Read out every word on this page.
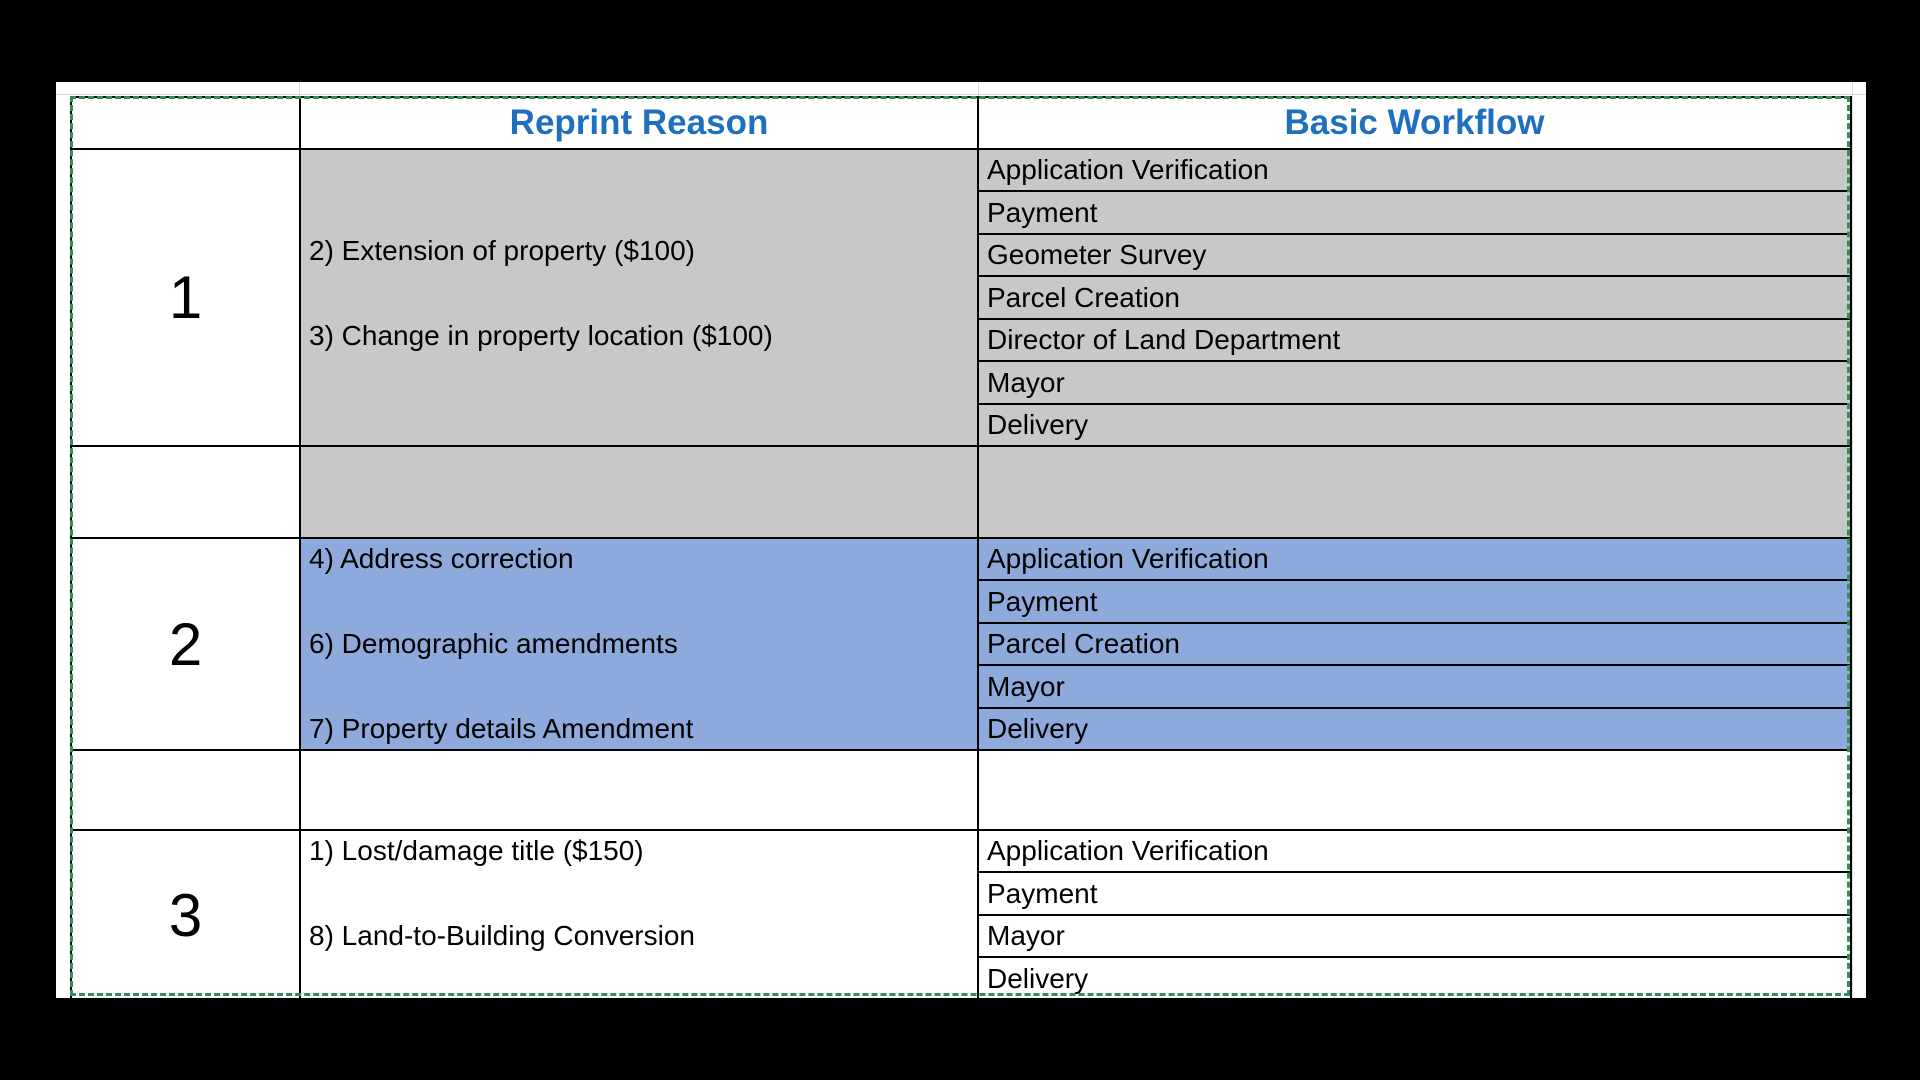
Reprint Reason	Basic Workflow
1
2) Extension of property ($100)
3) Change in property location ($100)
Application Verification
Payment
Geometer Survey
Parcel Creation
Director of Land Department
Mayor
Delivery
2
4) Address correction
6) Demographic amendments
7) Property details Amendment
Application Verification
Payment
Parcel Creation
Mayor
Delivery
3
1) Lost/damage title ($150)
8) Land-to-Building Conversion
Application Verification
Payment
Mayor
Delivery
